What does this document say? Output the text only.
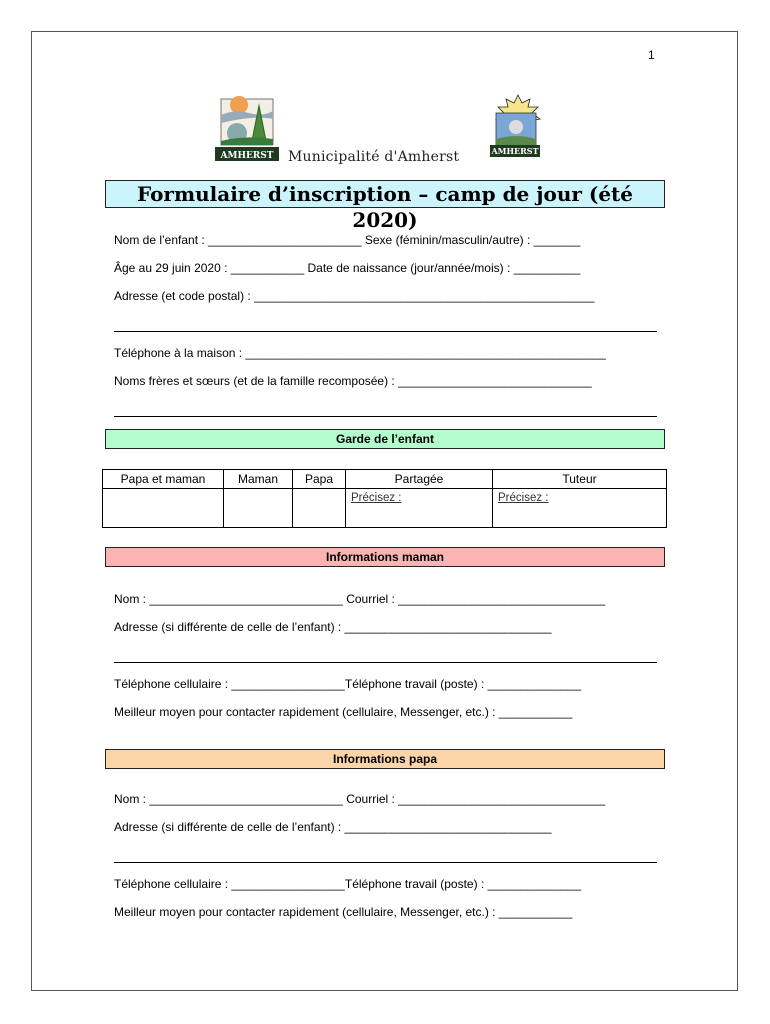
1
AMHERST Municipalité d'Amherst	AMHERST
Formulaire d’inscription – camp de jour (été 2020)
Nom de l’enfant : _______________________ Sexe (féminin/masculin/autre) : _______
Âge au 29 juin 2020 : ___________ Date de naissance (jour/année/mois) : __________
Adresse (et code postal) : ___________________________________________________
Téléphone à la maison : ______________________________________________________
Noms frères et sœurs (et de la famille recomposée) : _____________________________
Garde de l’enfant
Papa et maman	Maman	Papa	Partagée	Tuteur
			Précisez :	Précisez :
Informations maman
Nom : _____________________________ Courriel : _______________________________
Adresse (si différente de celle de l’enfant) : _______________________________
Téléphone cellulaire : _________________Téléphone travail (poste) : ______________
Meilleur moyen pour contacter rapidement (cellulaire, Messenger, etc.) : ___________
Informations papa
Nom : _____________________________ Courriel : _______________________________
Adresse (si différente de celle de l’enfant) : _______________________________
Téléphone cellulaire : _________________Téléphone travail (poste) : ______________
Meilleur moyen pour contacter rapidement (cellulaire, Messenger, etc.) : ___________
